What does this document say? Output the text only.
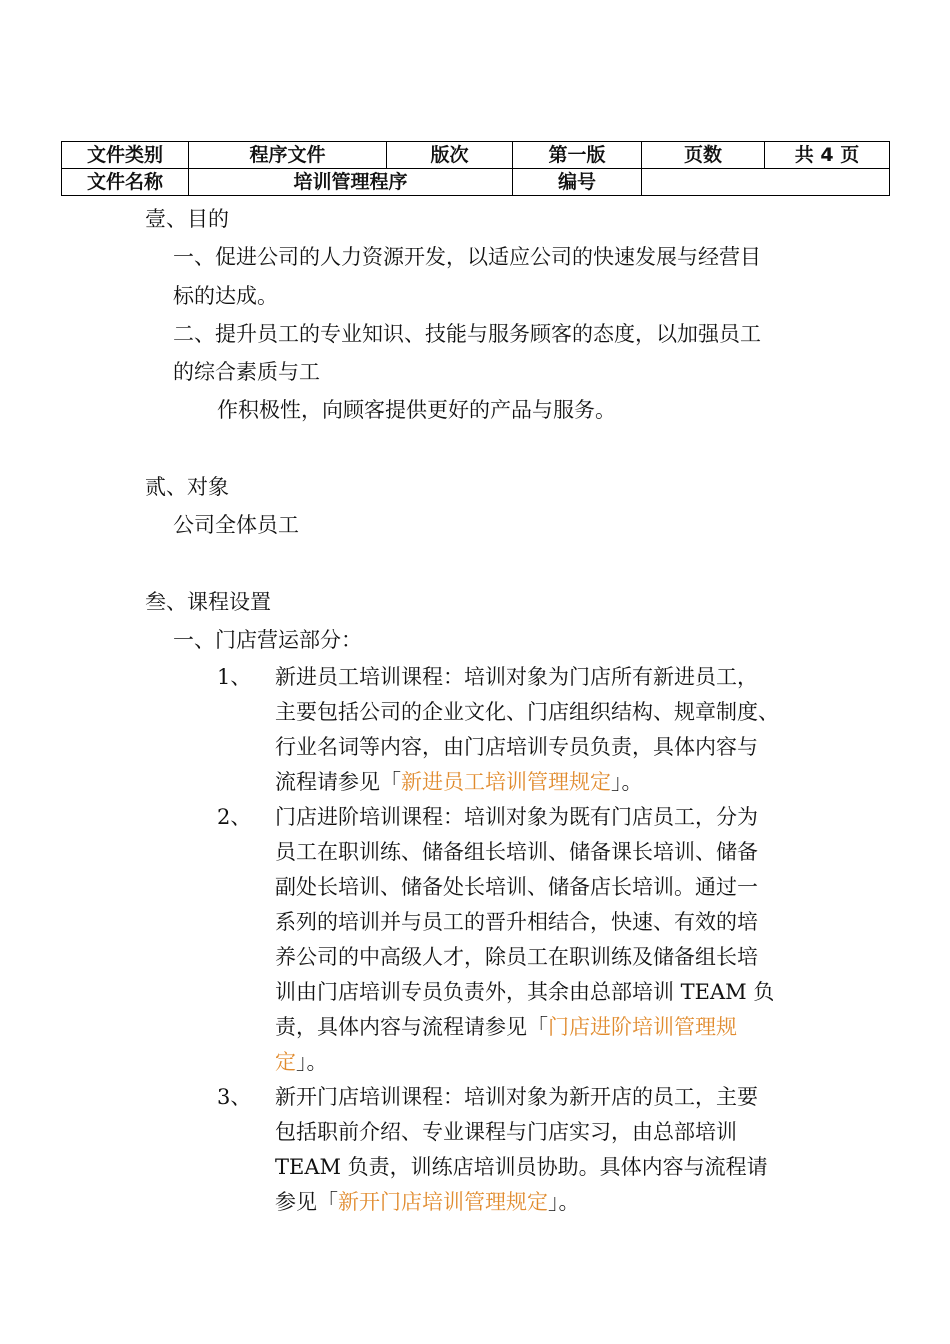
文件类别	程序文件	版次	第一版	页数	共 4 页
文件名称	培训管理程序		编号		
壹、目的
一、促进公司的人力资源开发，以适应公司的快速发展与经营目
标的达成。
二、提升员工的专业知识、技能与服务顾客的态度，以加强员工
的综合素质与工
作积极性，向顾客提供更好的产品与服务。
贰、对象
公司全体员工
叁、课程设置
一、门店营运部分：
1、 新进员工培训课程：培训对象为门店所有新进员工，
主要包括公司的企业文化、门店组织结构、规章制度、
行业名词等内容，由门店培训专员负责，具体内容与
流程请参见「新进员工培训管理规定」。
2、 门店进阶培训课程：培训对象为既有门店员工，分为
员工在职训练、储备组长培训、储备课长培训、储备
副处长培训、储备处长培训、储备店长培训。通过一
系列的培训并与员工的晋升相结合，快速、有效的培
养公司的中高级人才，除员工在职训练及储备组长培
训由门店培训专员负责外，其余由总部培训 TEAM 负
责，具体内容与流程请参见「门店进阶培训管理规
定」。
3、 新开门店培训课程：培训对象为新开店的员工，主要
包括职前介绍、专业课程与门店实习，由总部培训
TEAM 负责，训练店培训员协助。具体内容与流程请
参见「新开门店培训管理规定」。
